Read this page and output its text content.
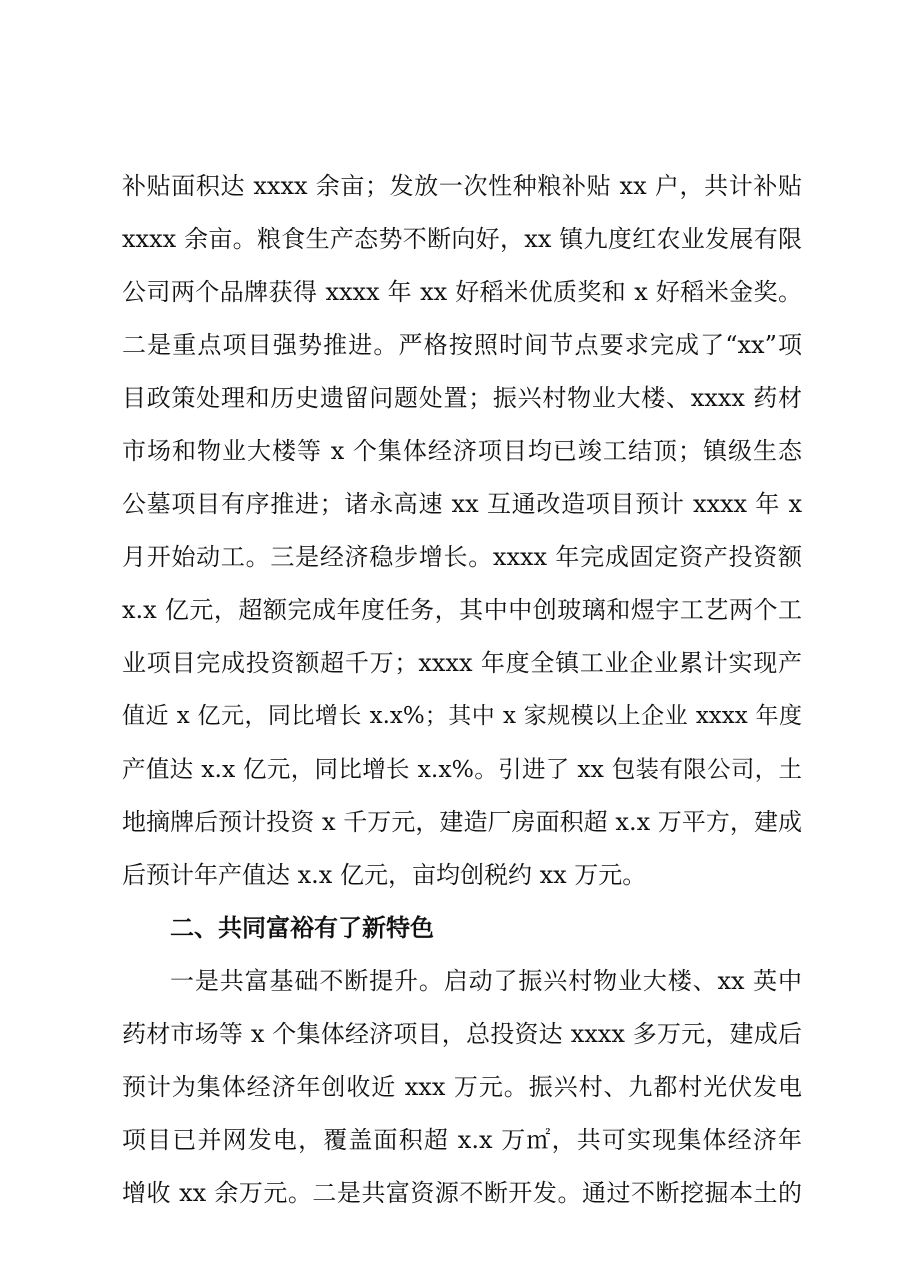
补贴面积达 xxxx 余亩；发放一次性种粮补贴 xx 户，共计补贴
xxxx 余亩。粮食生产态势不断向好，xx 镇九度红农业发展有限
公司两个品牌获得 xxxx 年 xx 好稻米优质奖和 x 好稻米金奖。
二是重点项目强势推进。严格按照时间节点要求完成了“xx”项
目政策处理和历史遗留问题处置；振兴村物业大楼、xxxx 药材
市场和物业大楼等 x 个集体经济项目均已竣工结顶；镇级生态
公墓项目有序推进；诸永高速 xx 互通改造项目预计 xxxx 年 x
月开始动工。三是经济稳步增长。xxxx 年完成固定资产投资额
x.x 亿元，超额完成年度任务，其中中创玻璃和煜宇工艺两个工
业项目完成投资额超千万；xxxx 年度全镇工业企业累计实现产
值近 x 亿元，同比增长 x.x%；其中 x 家规模以上企业 xxxx 年度
产值达 x.x 亿元，同比增长 x.x%。引进了 xx 包装有限公司，土
地摘牌后预计投资 x 千万元，建造厂房面积超 x.x 万平方，建成
后预计年产值达 x.x 亿元，亩均创税约 xx 万元。
二、共同富裕有了新特色
一是共富基础不断提升。启动了振兴村物业大楼、xx 英中
药材市场等 x 个集体经济项目，总投资达 xxxx 多万元，建成后
预计为集体经济年创收近 xxx 万元。振兴村、九都村光伏发电
项目已并网发电，覆盖面积超 x.x 万㎡，共可实现集体经济年
增收 xx 余万元。二是共富资源不断开发。通过不断挖掘本土的
